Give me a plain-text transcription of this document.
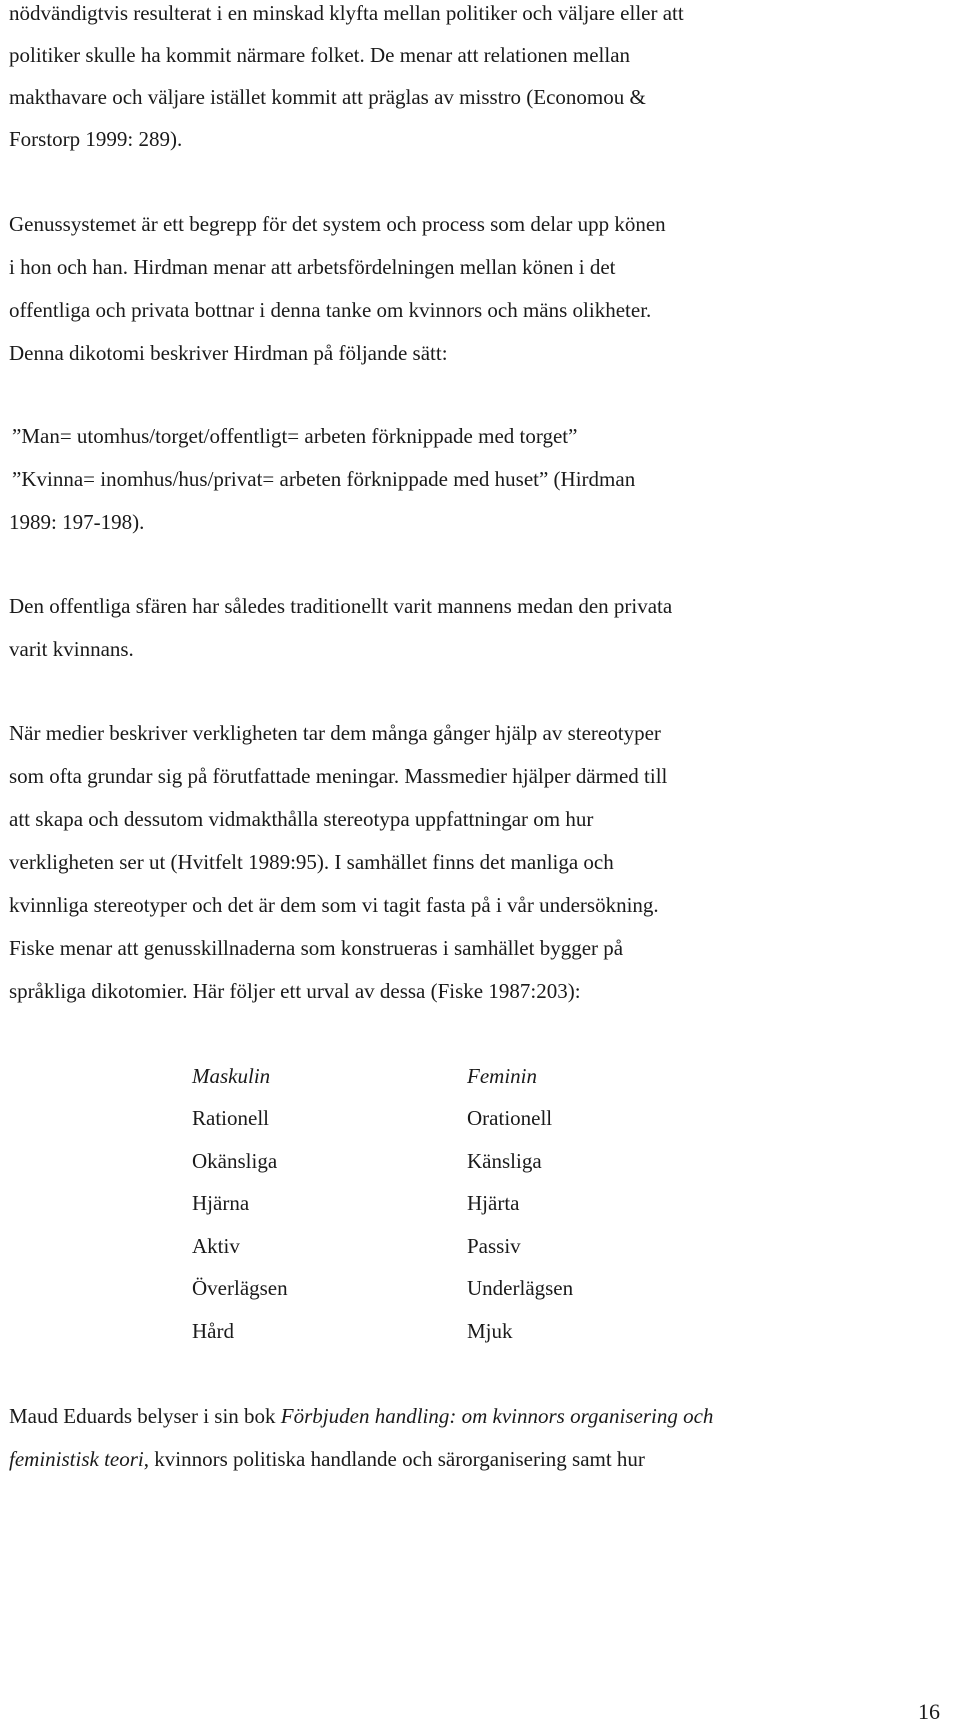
nödvändigtvis resulterat i en minskad klyfta mellan politiker och väljare eller att
politiker skulle ha kommit närmare folket. De menar att relationen mellan
makthavare och väljare istället kommit att präglas av misstro (Economou &
Forstorp 1999: 289).
Genussystemet är ett begrepp för det system och process som delar upp könen
i hon och han. Hirdman menar att arbetsfördelningen mellan könen i det
offentliga och privata bottnar i denna tanke om kvinnors och mäns olikheter.
Denna dikotomi beskriver Hirdman på följande sätt:
”Man= utomhus/torget/offentligt= arbeten förknippade med torget”
”Kvinna= inomhus/hus/privat= arbeten förknippade med huset” (Hirdman
1989: 197-198).
Den offentliga sfären har således traditionellt varit mannens medan den privata
varit kvinnans.
När medier beskriver verkligheten tar dem många gånger hjälp av stereotyper
som ofta grundar sig på förutfattade meningar. Massmedier hjälper därmed till
att skapa och dessutom vidmakthålla stereotypa uppfattningar om hur
verkligheten ser ut (Hvitfelt 1989:95). I samhället finns det manliga och
kvinnliga stereotyper och det är dem som vi tagit fasta på i vår undersökning.
Fiske menar att genusskillnaderna som konstrueras i samhället bygger på
språkliga dikotomier. Här följer ett urval av dessa (Fiske 1987:203):
Maskulin	Feminin
Rationell	Orationell
Okänsliga	Känsliga
Hjärna	Hjärta
Aktiv	Passiv
Överlägsen	Underlägsen
Hård	Mjuk
Maud Eduards belyser i sin bok Förbjuden handling: om kvinnors organisering och
feministisk teori, kvinnors politiska handlande och särorganisering samt hur
16
